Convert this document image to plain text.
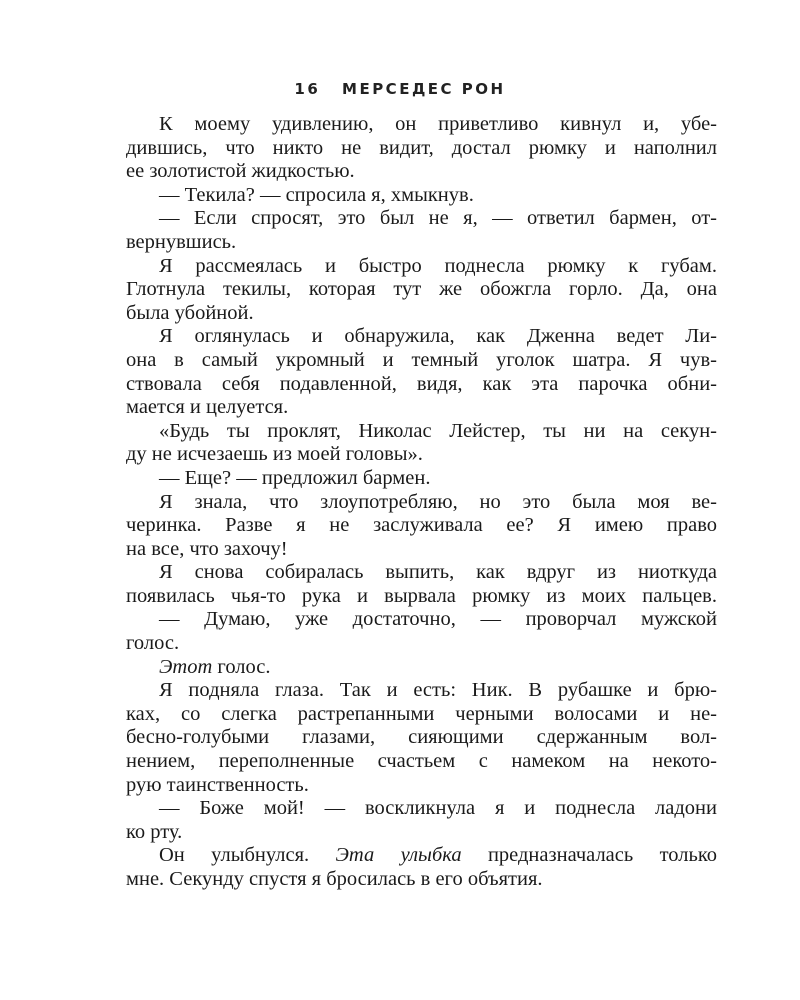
16 МЕРСЕДЕС РОН
К моему удивлению, он приветливо кивнул и, убе-
дившись, что никто не видит, достал рюмку и наполнил
ее золотистой жидкостью.
— Текила? — спросила я, хмыкнув.
— Если спросят, это был не я, — ответил бармен, от-
вернувшись.
Я рассмеялась и быстро поднесла рюмку к губам.
Глотнула текилы, которая тут же обожгла горло. Да, она
была убойной.
Я оглянулась и обнаружила, как Дженна ведет Ли-
она в самый укромный и темный уголок шатра. Я чув-
ствовала себя подавленной, видя, как эта парочка обни-
мается и целуется.
«Будь ты проклят, Николас Лейстер, ты ни на секун-
ду не исчезаешь из моей головы».
— Еще? — предложил бармен.
Я знала, что злоупотребляю, но это была моя ве-
черинка. Разве я не заслуживала ее? Я имею право
на все, что захочу!
Я снова собиралась выпить, как вдруг из ниоткуда
появилась чья-то рука и вырвала рюмку из моих пальцев.
— Думаю, уже достаточно, — проворчал мужской
голос.
Этот голос.
Я подняла глаза. Так и есть: Ник. В рубашке и брю-
ках, со слегка растрепанными черными волосами и не-
бесно-голубыми глазами, сияющими сдержанным вол-
нением, переполненные счастьем с намеком на некото-
рую таинственность.
— Боже мой! — воскликнула я и поднесла ладони
ко рту.
Он улыбнулся. Эта улыбка предназначалась только
мне. Секунду спустя я бросилась в его объятия.
